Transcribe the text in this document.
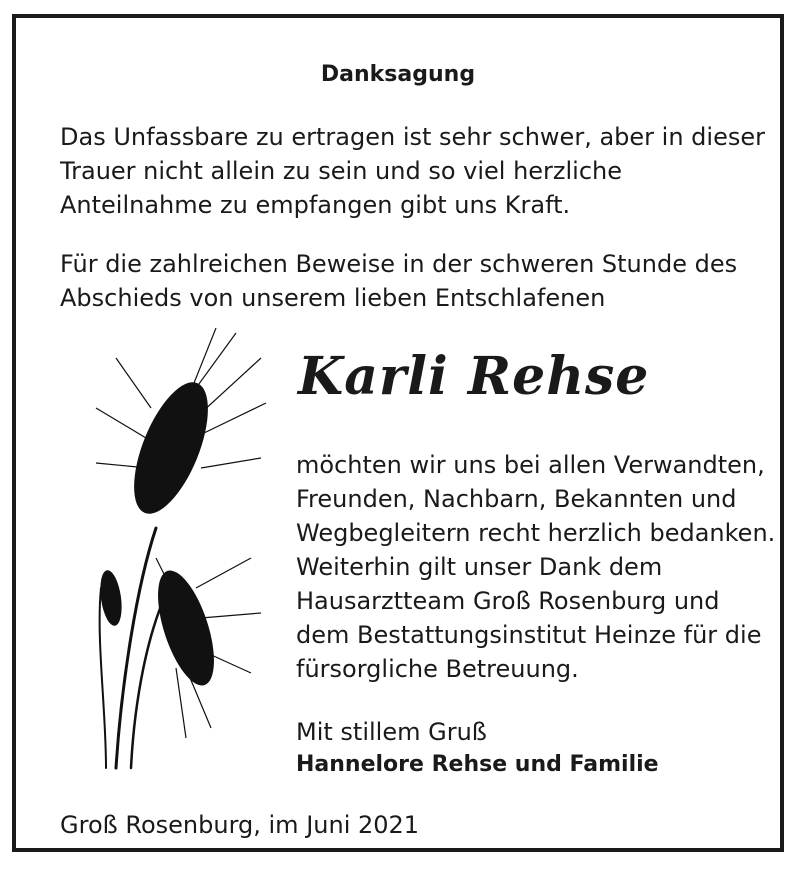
Danksagung
Das Unfassbare zu ertragen ist sehr schwer, aber in dieser Trauer nicht allein zu sein und so viel herzliche Anteilnahme zu empfangen gibt uns Kraft.
Für die zahlreichen Beweise in der schweren Stunde des Abschieds von unserem lieben Entschlafenen
Karli Rehse
möchten wir uns bei allen Verwandten,
Freunden, Nachbarn, Bekannten und
Wegbegleitern recht herzlich bedanken.
Weiterhin gilt unser Dank dem
Hausarztteam Groß Rosenburg und
dem Bestattungsinstitut Heinze für die
fürsorgliche Betreuung.
Mit stillem Gruß
Hannelore Rehse und Familie
Groß Rosenburg, im Juni 2021
